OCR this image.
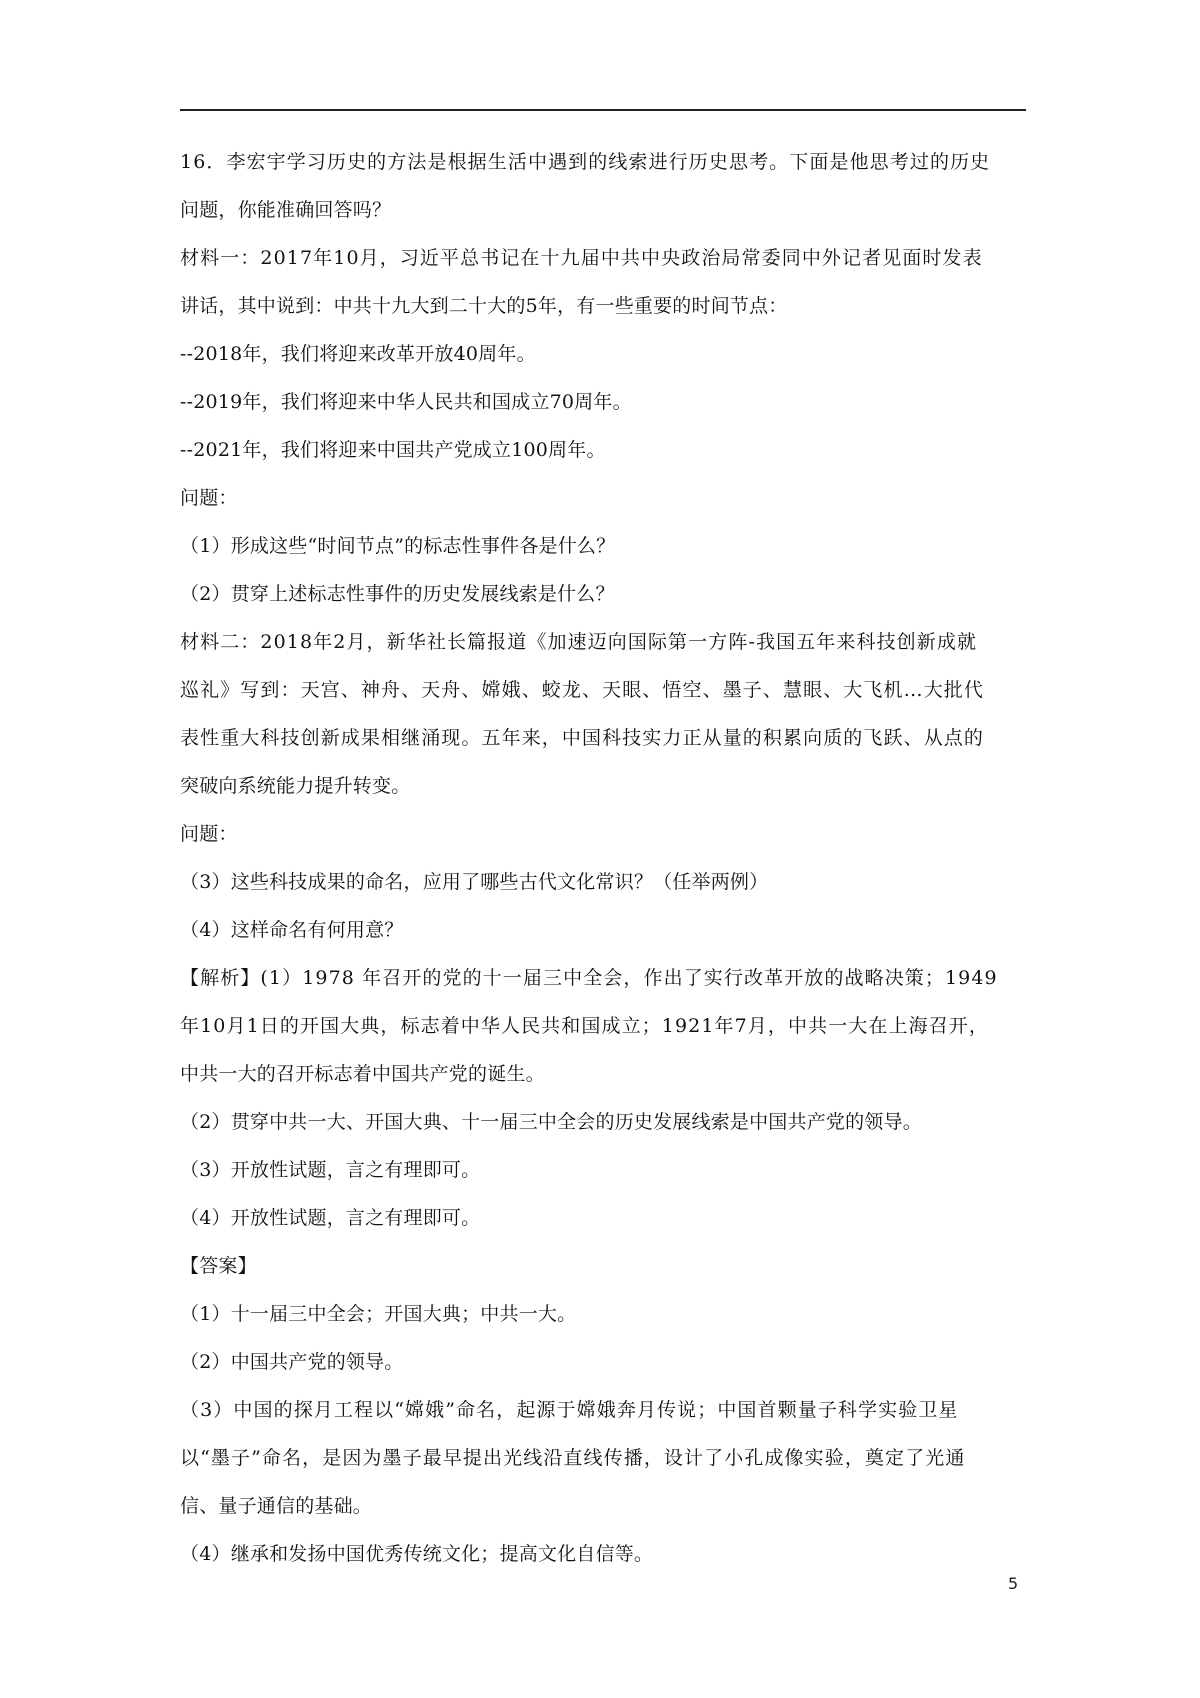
16．李宏宇学习历史的方法是根据生活中遇到的线索进行历史思考。下面是他思考过的历史
问题，你能准确回答吗？
材料一：2017年10月，习近平总书记在十九届中共中央政治局常委同中外记者见面时发表
讲话，其中说到：中共十九大到二十大的5年，有一些重要的时间节点：
--2018年，我们将迎来改革开放40周年。
--2019年，我们将迎来中华人民共和国成立70周年。
--2021年，我们将迎来中国共产党成立100周年。
问题：
（1）形成这些“时间节点”的标志性事件各是什么？
（2）贯穿上述标志性事件的历史发展线索是什么？
材料二：2018年2月，新华社长篇报道《加速迈向国际第一方阵-我国五年来科技创新成就
巡礼》写到：天宫、神舟、天舟、嫦娥、蛟龙、天眼、悟空、墨子、慧眼、大飞机…大批代
表性重大科技创新成果相继涌现。五年来，中国科技实力正从量的积累向质的飞跃、从点的
突破向系统能力提升转变。
问题：
（3）这些科技成果的命名，应用了哪些古代文化常识？（任举两例）
（4）这样命名有何用意？
【解析】(1）1978 年召开的党的十一届三中全会，作出了实行改革开放的战略决策；1949
年10月1日的开国大典，标志着中华人民共和国成立；1921年7月，中共一大在上海召开，
中共一大的召开标志着中国共产党的诞生。
（2）贯穿中共一大、开国大典、十一届三中全会的历史发展线索是中国共产党的领导。
（3）开放性试题，言之有理即可。
（4）开放性试题，言之有理即可。
【答案】
（1）十一届三中全会；开国大典；中共一大。
（2）中国共产党的领导。
（3）中国的探月工程以“嫦娥”命名，起源于嫦娥奔月传说；中国首颗量子科学实验卫星
以“墨子”命名，是因为墨子最早提出光线沿直线传播，设计了小孔成像实验，奠定了光通
信、量子通信的基础。
（4）继承和发扬中国优秀传统文化；提高文化自信等。
5
